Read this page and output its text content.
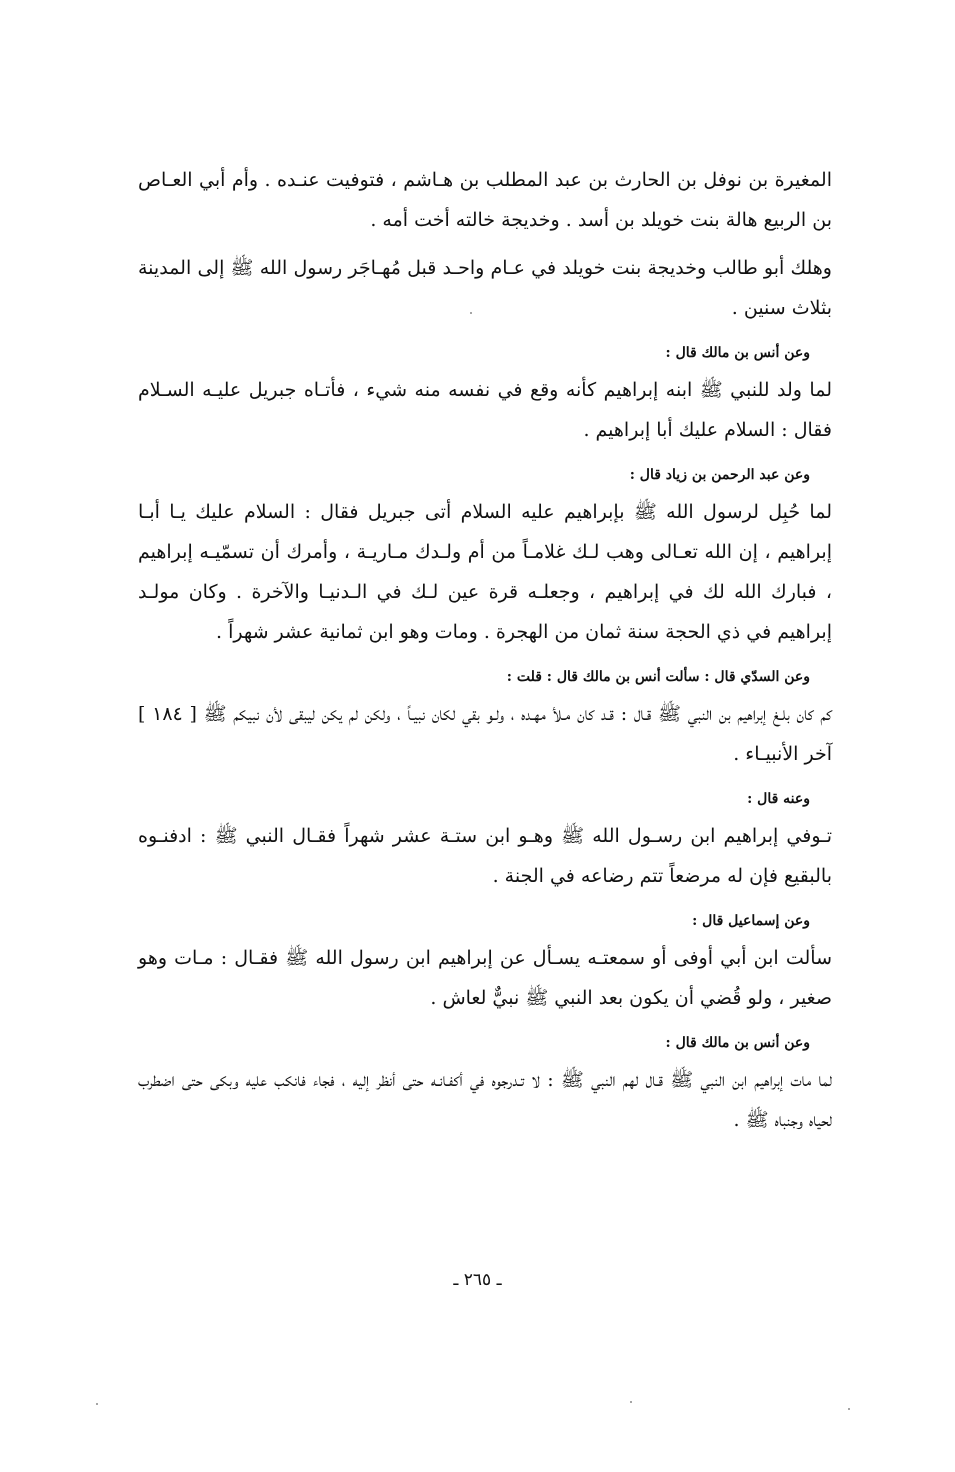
المغيرة بن نوفل بن الحارث بن عبد المطلب بن هـاشم ، فتوفيت عنـده . وأم أبي العـاص بن الربيع هالة بنت خويلد بن أسد . وخديجة خالته أخت أمه .

وهلك أبو طالب وخديجة بنت خويلد في عـام واحـد قبل مُهـاجَر رسول الله ﷺ إلى المدينة بثلاث سنين .

وعن أنس بن مالك قال :

لما ولد للنبي ﷺ ابنه إبراهيم كأنه وقع في نفسه منه شيء ، فأتـاه جبريل عليـه السـلام فقال : السلام عليك أبا إبراهيم .

وعن عبد الرحمن بن زياد قال :

لما حُبِل لرسول الله ﷺ بإبراهيم عليه السلام أتى جبريل فقال : السلام عليك يـا أبـا إبراهيم ، إن الله تعـالى وهب لـك غلامـاً من أم ولـدك مـاريـة ، وأمرك أن تسمّيـه إبراهيم ، فبارك الله لك في إبراهيم ، وجعلـه قرة عين لـك في الـدنيـا والآخرة . وكان مولـد إبراهيم في ذي الحجة سنة ثمان من الهجرة . ومات وهو ابن ثمانية عشر شهراً .

وعن السدّي قال : سألت أنس بن مالك قال : قلت :

كم كان بلـغ إبراهيم بن النبي ﷺ قـال : قـد كان مـلأ مهـده ، ولـو بقي لكان نبيـاً ، ولكن لم يكن ليبقى لأن نبيكم ﷺ [ ١٨٤ ] آخر الأنبيـاء .

وعنه قال :

تـوفي إبراهيم ابن رسـول الله ﷺ وهـو ابن ستـة عشر شهراً فقـال النبي ﷺ : ادفنـوه بالبقيع فإن له مرضعاً تتم رضاعه في الجنة .

وعن إسماعيل قال :

سألت ابن أبي أوفى أو سمعتـه يسـأل عن إبراهيم ابن رسول الله ﷺ فقـال : مـات وهو صغير ، ولو قُضي أن يكون بعد النبي ﷺ نبيٌّ لعاش .

وعن أنس بن مالك قال :

لما مات إبراهيم ابن النبي ﷺ قـال لهم النبي ﷺ : لا تـدرجوه في أكفـانـه حتى أنظر إليه ، فجاء فانكب عليه وبكى حتى اضطرب لحياه وجنباه ﷺ .

ـ ٢٦٥ ـ
